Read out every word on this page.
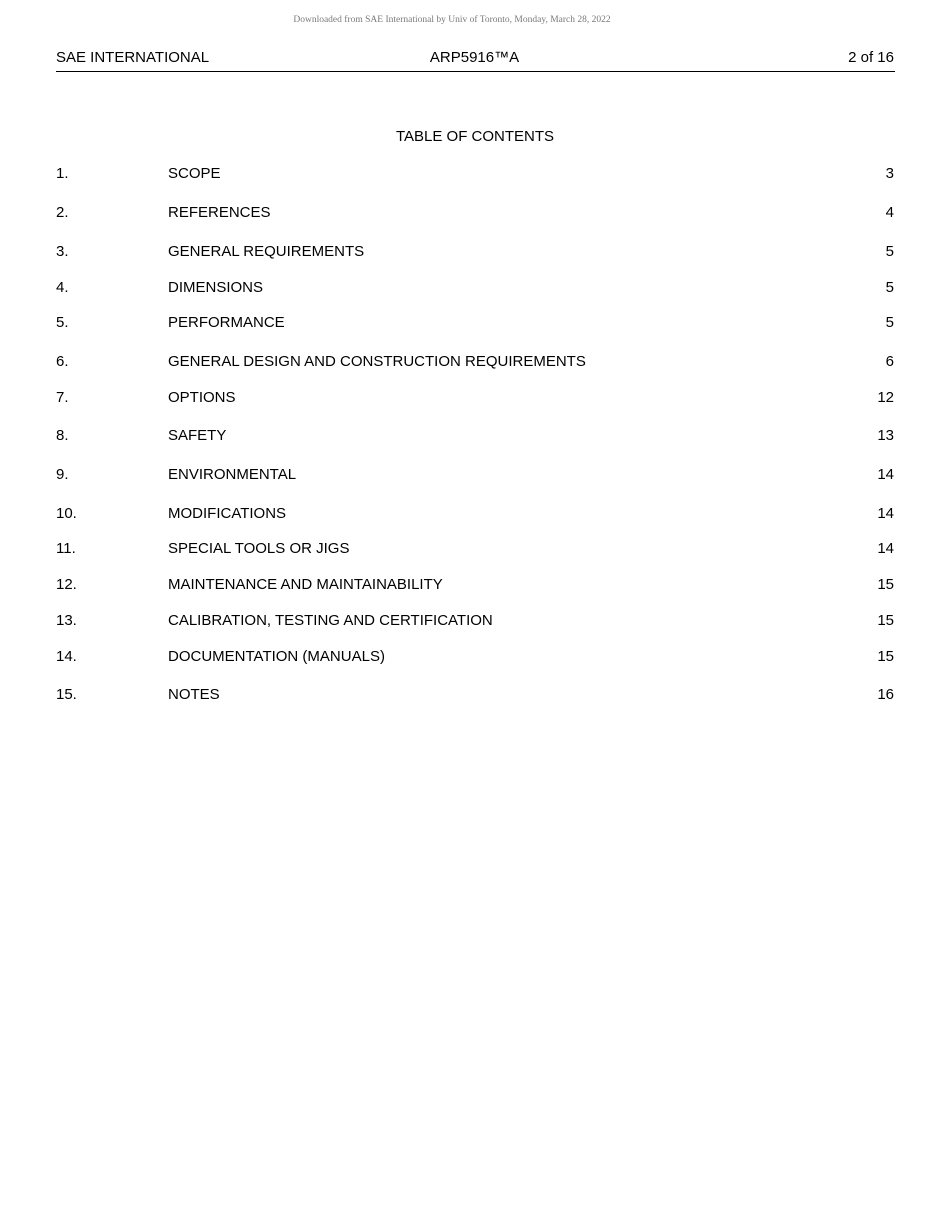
Downloaded from SAE International by Univ of Toronto, Monday, March 28, 2022
SAE INTERNATIONAL	ARP5916™A	2 of 16
TABLE OF CONTENTS
1.	SCOPE	3
2.	REFERENCES	4
3.	GENERAL REQUIREMENTS	5
4.	DIMENSIONS	5
5.	PERFORMANCE	5
6.	GENERAL DESIGN AND CONSTRUCTION REQUIREMENTS	6
7.	OPTIONS	12
8.	SAFETY	13
9.	ENVIRONMENTAL	14
10.	MODIFICATIONS	14
11.	SPECIAL TOOLS OR JIGS	14
12.	MAINTENANCE AND MAINTAINABILITY	15
13.	CALIBRATION, TESTING AND CERTIFICATION	15
14.	DOCUMENTATION (MANUALS)	15
15.	NOTES	16
